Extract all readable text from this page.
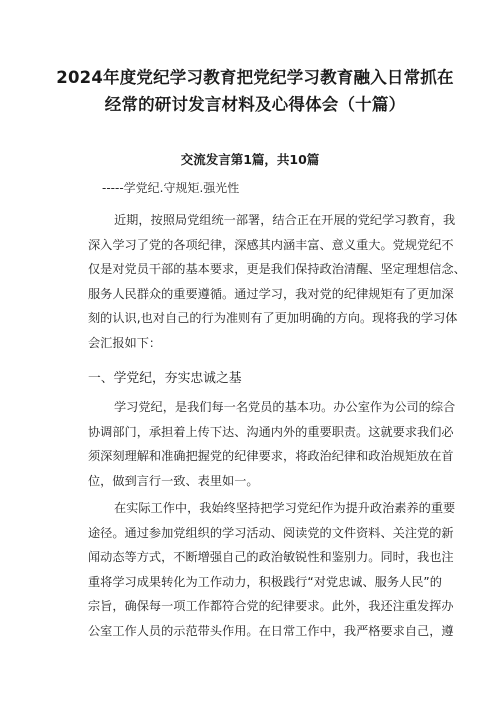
2024年度党纪学习教育把党纪学习教育融入日常抓在
经常的研讨发言材料及心得体会（十篇）
交流发言第1篇，共10篇
-----学党纪.守规矩.强光性
近期，按照局党组统一部署，结合正在开展的党纪学习教育，我
深入学习了党的各项纪律，深感其内涵丰富、意义重大。党规党纪不
仅是对党员干部的基本要求，更是我们保持政治清醒、坚定理想信念、
服务人民群众的重要遵循。通过学习，我对党的纪律规矩有了更加深
刻的认识,也对自己的行为准则有了更加明确的方向。现将我的学习体
会汇报如下：
一、学党纪，夯实忠诚之基
学习党纪，是我们每一名党员的基本功。办公室作为公司的综合
协调部门，承担着上传下达、沟通内外的重要职责。这就要求我们必
须深刻理解和准确把握党的纪律要求，将政治纪律和政治规矩放在首
位，做到言行一致、表里如一。
在实际工作中，我始终坚持把学习党纪作为提升政治素养的重要
途径。通过参加党组织的学习活动、阅读党的文件资料、关注党的新
闻动态等方式，不断增强自己的政治敏锐性和鉴别力。同时，我也注
重将学习成果转化为工作动力，积极践行“对党忠诚、服务人民”的
宗旨，确保每一项工作都符合党的纪律要求。此外，我还注重发挥办
公室工作人员的示范带头作用。在日常工作中，我严格要求自己，遵
